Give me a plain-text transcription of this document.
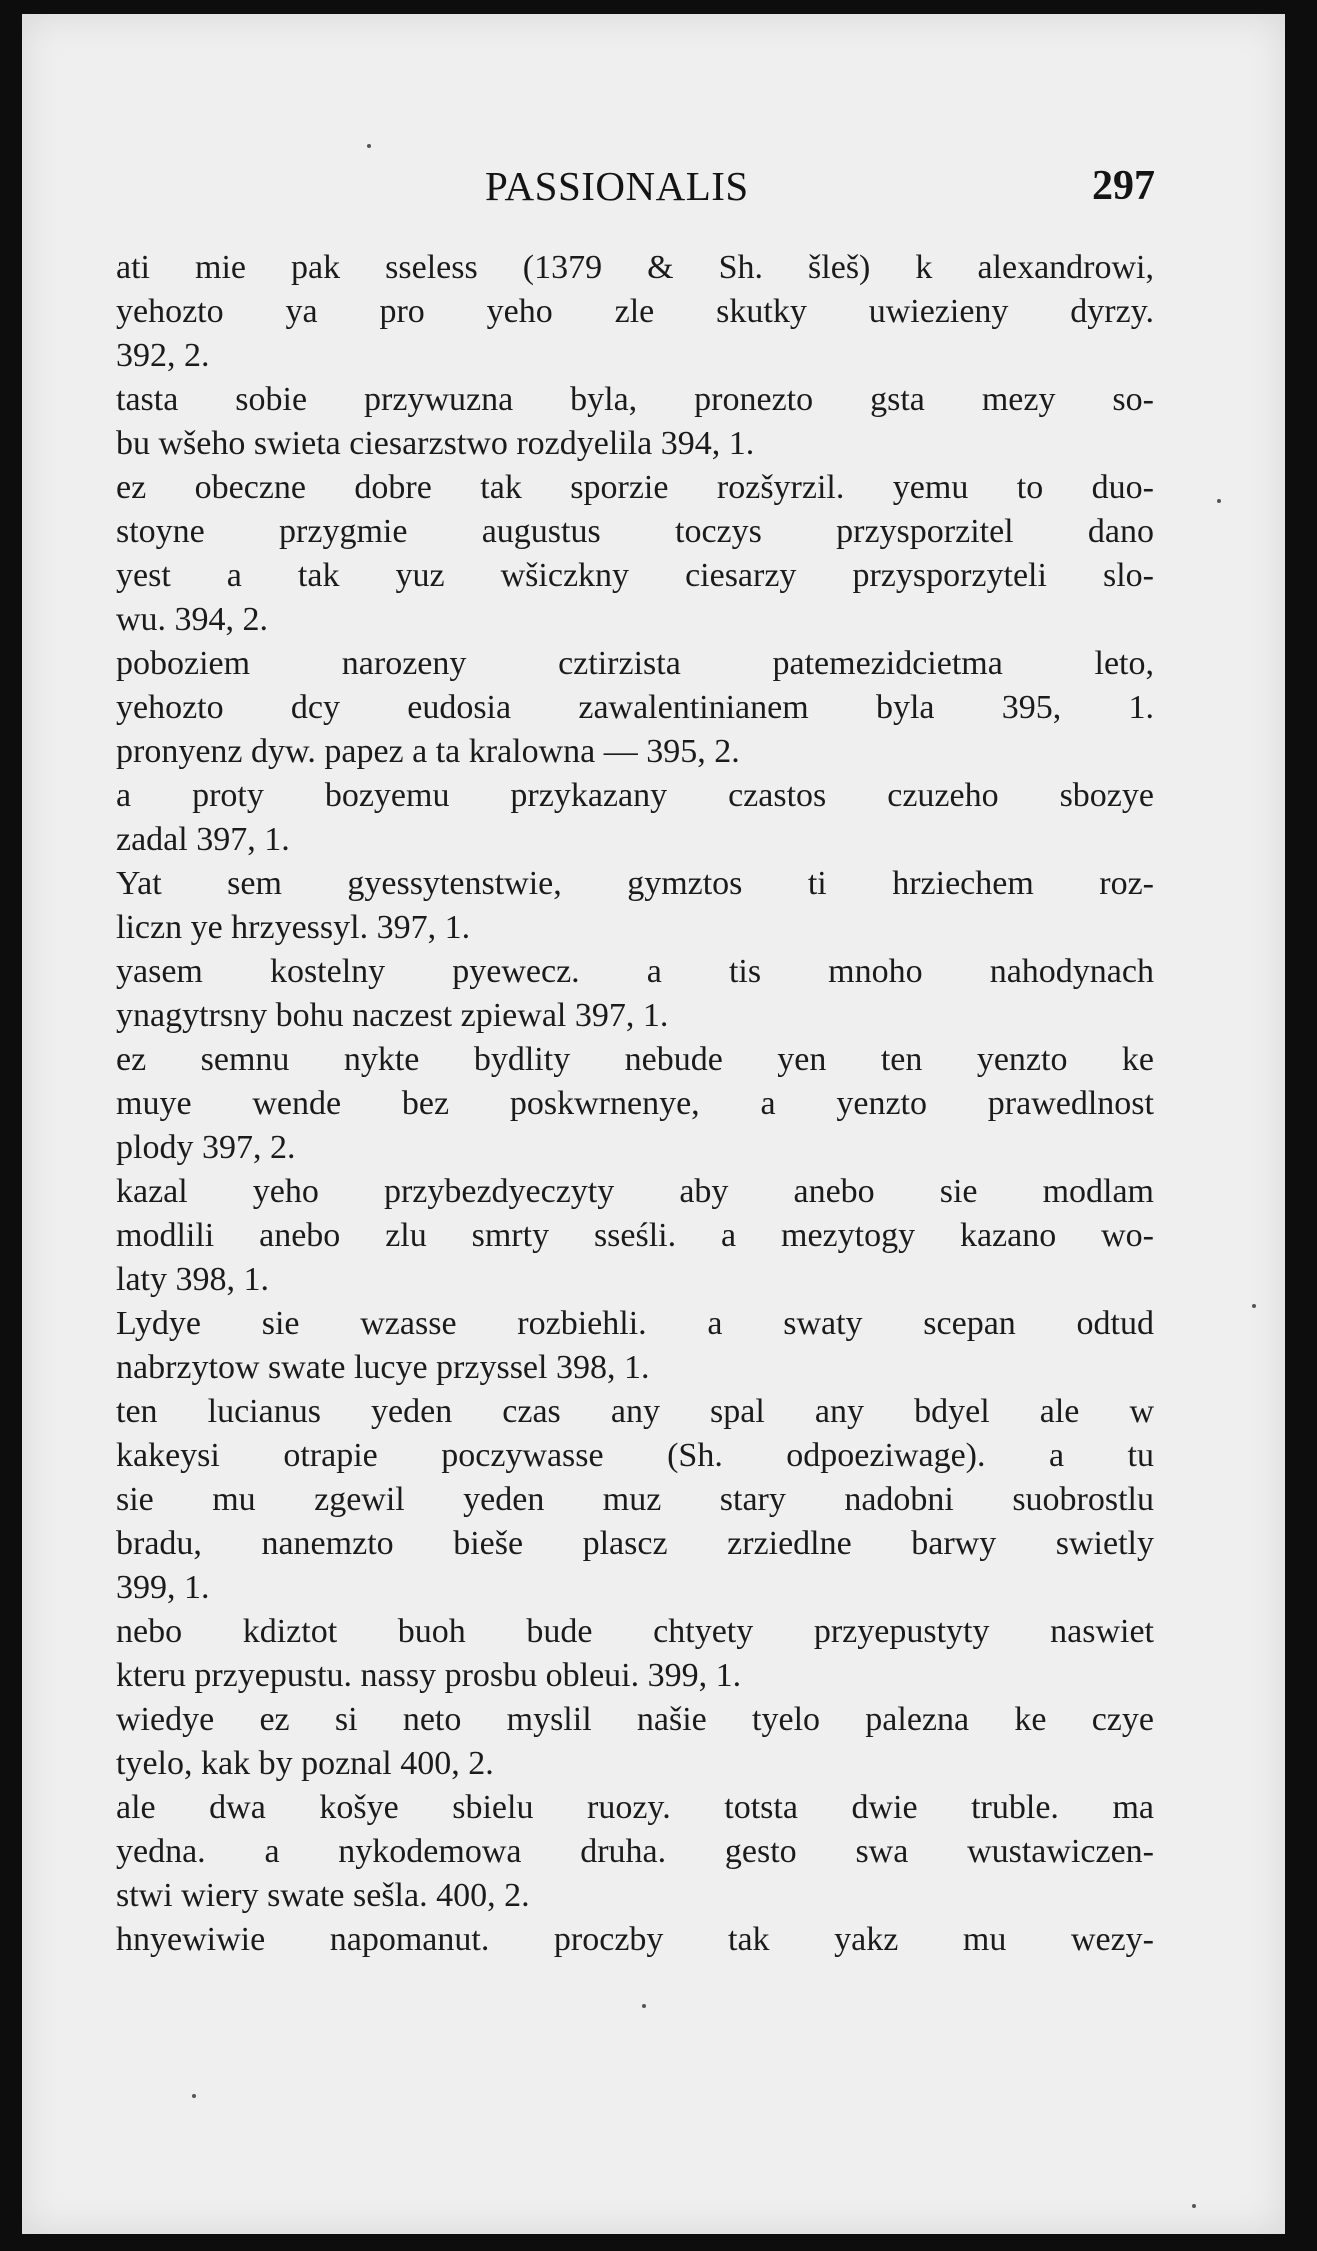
PASSIONALIS	297
ati mie pak sseless (1379 & Sh. šleš) k alexandrowi,
yehozto ya pro yeho zle skutky uwiezieny dyrzy.
392, 2.
tasta sobie przywuzna byla, pronezto gsta mezy so-
bu wšeho swieta ciesarzstwo rozdyelila 394, 1.
ez obeczne dobre tak sporzie rozšyrzil. yemu to duo-
stoyne przygmie augustus toczys przysporzitel dano
yest a tak yuz wšiczkny ciesarzy przysporzyteli slo-
wu. 394, 2.
poboziem narozeny cztirzista patemezidcietma leto,
yehozto dcy eudosia zawalentinianem byla 395, 1.
pronyenz dyw. papez a ta kralowna — 395, 2.
a proty bozyemu przykazany czastos czuzeho sbozye
zadal 397, 1.
Yat sem gyessytenstwie, gymztos ti hrziechem roz-
liczn ye hrzyessyl. 397, 1.
yasem kostelny pyewecz. a tis mnoho nahodynach
ynagytrsny bohu naczest zpiewal 397, 1.
ez semnu nykte bydlity nebude yen ten yenzto ke
muye wende bez poskwrnenye, a yenzto prawedlnost
plody 397, 2.
kazal yeho przybezdyeczyty aby anebo sie modlam
modlili anebo zlu smrty sseśli. a mezytogy kazano wo-
laty 398, 1.
Lydye sie wzasse rozbiehli. a swaty scepan odtud
nabrzytow swate lucye przyssel 398, 1.
ten lucianus yeden czas any spal any bdyel ale w
kakeysi otrapie poczywasse (Sh. odpoeziwage). a tu
sie mu zgewil yeden muz stary nadobni suobrostlu
bradu, nanemzto bieše plascz zrziedlne barwy swietly
399, 1.
nebo kdiztot buoh bude chtyety przyepustyty naswiet
kteru przyepustu. nassy prosbu obleui. 399, 1.
wiedye ez si neto myslil našie tyelo palezna ke czye
tyelo, kak by poznal 400, 2.
ale dwa košye sbielu ruozy. totsta dwie truble. ma
yedna. a nykodemowa druha. gesto swa wustawiczen-
stwi wiery swate sešla. 400, 2.
hnyewiwie napomanut. proczby tak yakz mu wezy-
